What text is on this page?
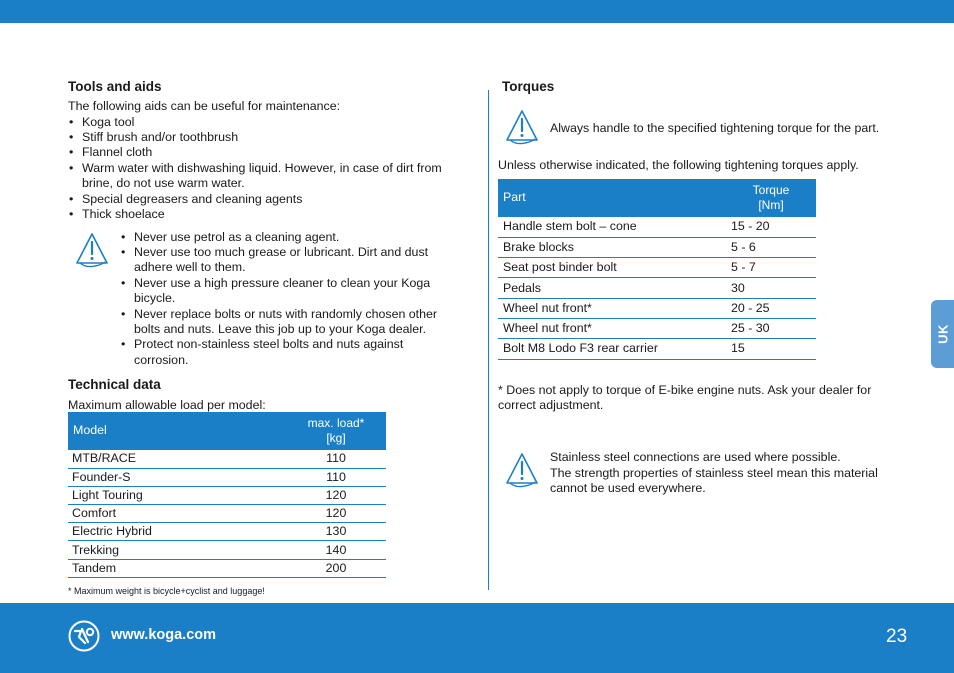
Tools and aids
The following aids can be useful for maintenance:
• Koga tool
• Stiff brush and/or toothbrush
• Flannel cloth
• Warm water with dishwashing liquid. However, in case of dirt from brine, do not use warm water.
• Special degreasers and cleaning agents
• Thick shoelace
• Never use petrol as a cleaning agent.
• Never use too much grease or lubricant. Dirt and dust adhere well to them.
• Never use a high pressure cleaner to clean your Koga bicycle.
• Never replace bolts or nuts with randomly chosen other bolts and nuts. Leave this job up to your Koga dealer.
• Protect non-stainless steel bolts and nuts against corrosion.
Technical data
Maximum allowable load per model:
Model	max. load*
[kg]

MTB/RACE	110
Founder-S	110
Light Touring	120
Comfort	120
Electric Hybrid	130
Trekking	140
Tandem	200
* Maximum weight is bicycle+cyclist and luggage!
Torques
Always handle to the specified tightening torque for the part.
Unless otherwise indicated, the following tightening torques apply.
Part	Torque
[Nm]

Handle stem bolt – cone	15 - 20
Brake blocks	5 - 6
Seat post binder bolt	5 - 7
Pedals	30
Wheel nut front*	20 - 25
Wheel nut front*	25 - 30
Bolt M8 Lodo F3 rear carrier	15
* Does not apply to torque of E-bike engine nuts. Ask your dealer for correct adjustment.
Stainless steel connections are used where possible.
The strength properties of stainless steel mean this material cannot be used everywhere.
UK
www.koga.com	23
